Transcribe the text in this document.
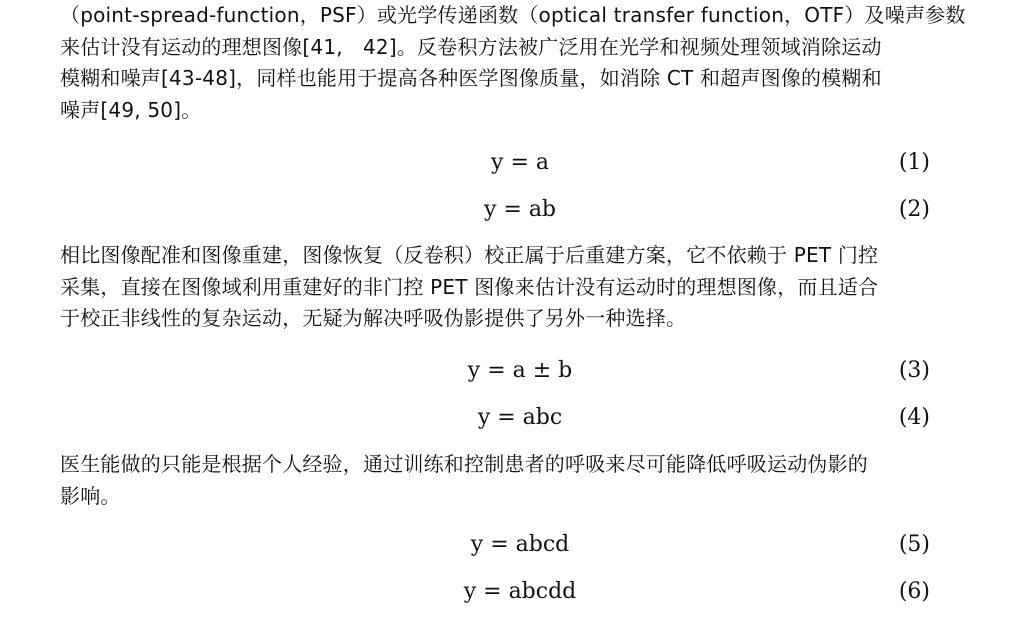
（point-spread-function，PSF）或光学传递函数（optical transfer function，OTF）及噪声参数
来估计没有运动的理想图像[41,　42]。反卷积方法被广泛用在光学和视频处理领域消除运动
模糊和噪声[43-48]，同样也能用于提高各种医学图像质量，如消除 CT 和超声图像的模糊和
噪声[49, 50]。
y = a	(1)
y = ab	(2)
相比图像配准和图像重建，图像恢复（反卷积）校正属于后重建方案，它不依赖于 PET 门控
采集，直接在图像域利用重建好的非门控 PET 图像来估计没有运动时的理想图像，而且适合
于校正非线性的复杂运动，无疑为解决呼吸伪影提供了另外一种选择。
y = a ± b	(3)
y = abc	(4)
医生能做的只能是根据个人经验，通过训练和控制患者的呼吸来尽可能降低呼吸运动伪影的
影响。
y = abcd	(5)
y = abcdd	(6)
